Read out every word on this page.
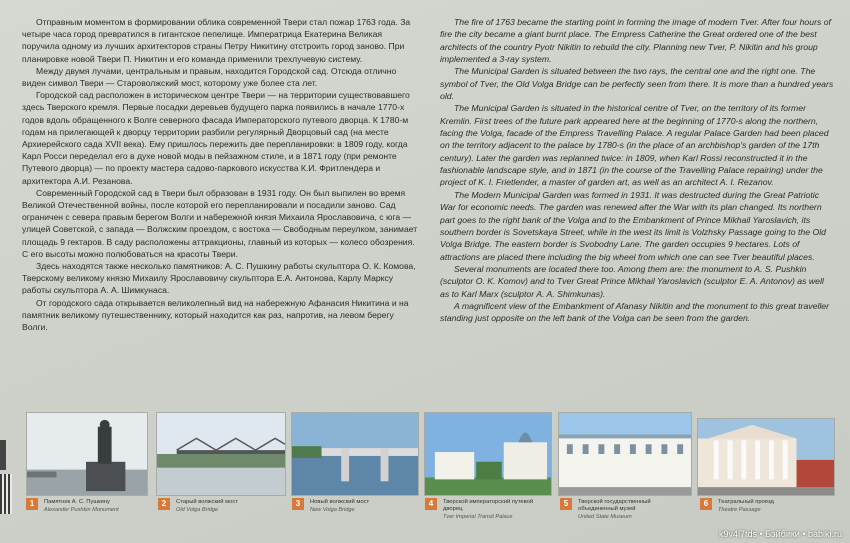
Отправным моментом в формировании облика современной Твери стал пожар 1763 года. За четыре часа город превратился в гигантское пепелище. Императрица Екатерина Великая поручила одному из лучших архитекторов страны Петру Никитину отстроить город заново. При планировке новой Твери П. Никитин и его команда применили трехлучевую систему.

Между двумя лучами, центральным и правым, находится Городской сад. Отсюда отлично виден символ Твери — Староволжский мост, которому уже более ста лет.

Городской сад расположен в историческом центре Твери — на территории существовавшего здесь Тверского кремля. Первые посадки деревьев будущего парка появились в начале 1770-х годов вдоль обращенного к Волге северного фасада Императорского путевого дворца. К 1780-м годам на прилегающей к дворцу территории разбили регулярный Дворцовый сад (на месте Архиерейского сада XVII века). Ему пришлось пережить две перепланировки: в 1809 году, когда Карл Росси переделал его в духе новой моды в пейзажном стиле, и в 1871 году (при ремонте Путевого дворца) — по проекту мастера садово-паркового искусства К.И. Фритлендера и архитектора А.И. Резанова.

Современный Городской сад в Твери был образован в 1931 году. Он был выпилен во время Великой Отечественной войны, после которой его перепланировали и посадили заново. Сад ограничен с севера правым берегом Волги и набережной князя Михаила Ярославовича, с юга — улицей Советской, с запада — Волжским проездом, с востока — Свободным переулком, занимает площадь 9 гектаров. В саду расположены аттракционы, главный из которых — колесо обозрения. С его высоты можно полюбоваться на красоты Твери.

Здесь находятся также несколько памятников: А. С. Пушкину работы скульптора О. К. Комова, Тверскому великому князю Михаилу Ярославовичу скульптора Е.А. Антонова, Карлу Марксу работы скульптора А. А. Шимкунаса.

От городского сада открывается великолепный вид на набережную Афанасия Никитина и на памятник великому путешественнику, который находится как раз, напротив, на левом берегу Волги.

The fire of 1763 became the starting point in forming the image of modern Tver. After four hours of fire the city became a giant burnt place. The Empress Catherine the Great ordered one of the best architects of the country Pyotr Nikitin to rebuild the city. Planning new Tver, P. Nikitin and his group implemented a 3-ray system.

The Municipal Garden is situated between the two rays, the central one and the right one. The symbol of Tver, the Old Volga Bridge can be perfectly seen from there. It is more than a hundred years old.

The Municipal Garden is situated in the historical centre of Tver, on the territory of its former Kremlin. First trees of the future park appeared here at the beginning of 1770-s along the northern, facing the Volga, facade of the Empress Travelling Palace. A regular Palace Garden had been placed on the territory adjacent to the palace by 1780-s (in the place of an archbishop's garden of the 17th century). Later the garden was replanned twice: in 1809, when Karl Rossi reconstructed it in the fashionable landscape style, and in 1871 (in the course of the Travelling Palace repairing) under the project of K. I. Frietlender, a master of garden art, as well as an architect A. I. Rezanov.

The Modern Municipal Garden was formed in 1931. It was destructed during the Great Patriotic War for economic needs. The garden was renewed after the War with its plan changed. Its northern part goes to the right bank of the Volga and to the Embankment of Prince Mikhail Yaroslavich, its southern border is Sovetskaya Street, while in the west its limit is Volzhsky Passage going to the Old Volga Bridge. The eastern border is Svobodny Lane. The garden occupies 9 hectares. Lots of attractions are placed there including the big wheel from which one can see Tver beautiful places.

Several monuments are located there too. Among them are: the monument to A. S. Pushkin (sculptor O. K. Komov) and to Tver Great Prince Mikhail Yaroslavich (sculptor E. A. Antonov) as well as to Karl Marx (sculptor A. A. Shimkunas).

A magnificent view of the Embankment of Afanasy Nikitin and the monument to this great traveller standing just opposite on the left bank of the Volga can be seen from the garden.

1	Памятник А. С. Пушкину
Alexander Pushkin Monument
2	Старый волжский мост
Old Volga Bridge
3	Новый волжский мост
New Volga Bridge
4	Тверской императорский путевой дворец
Tver Imperial Transit Palace
5	Тверской государственный объединенный музей
United State Museum
6	Театральный проезд
Theatre Passage
k9v4l7tds • Бэйбики • babiki.ru
